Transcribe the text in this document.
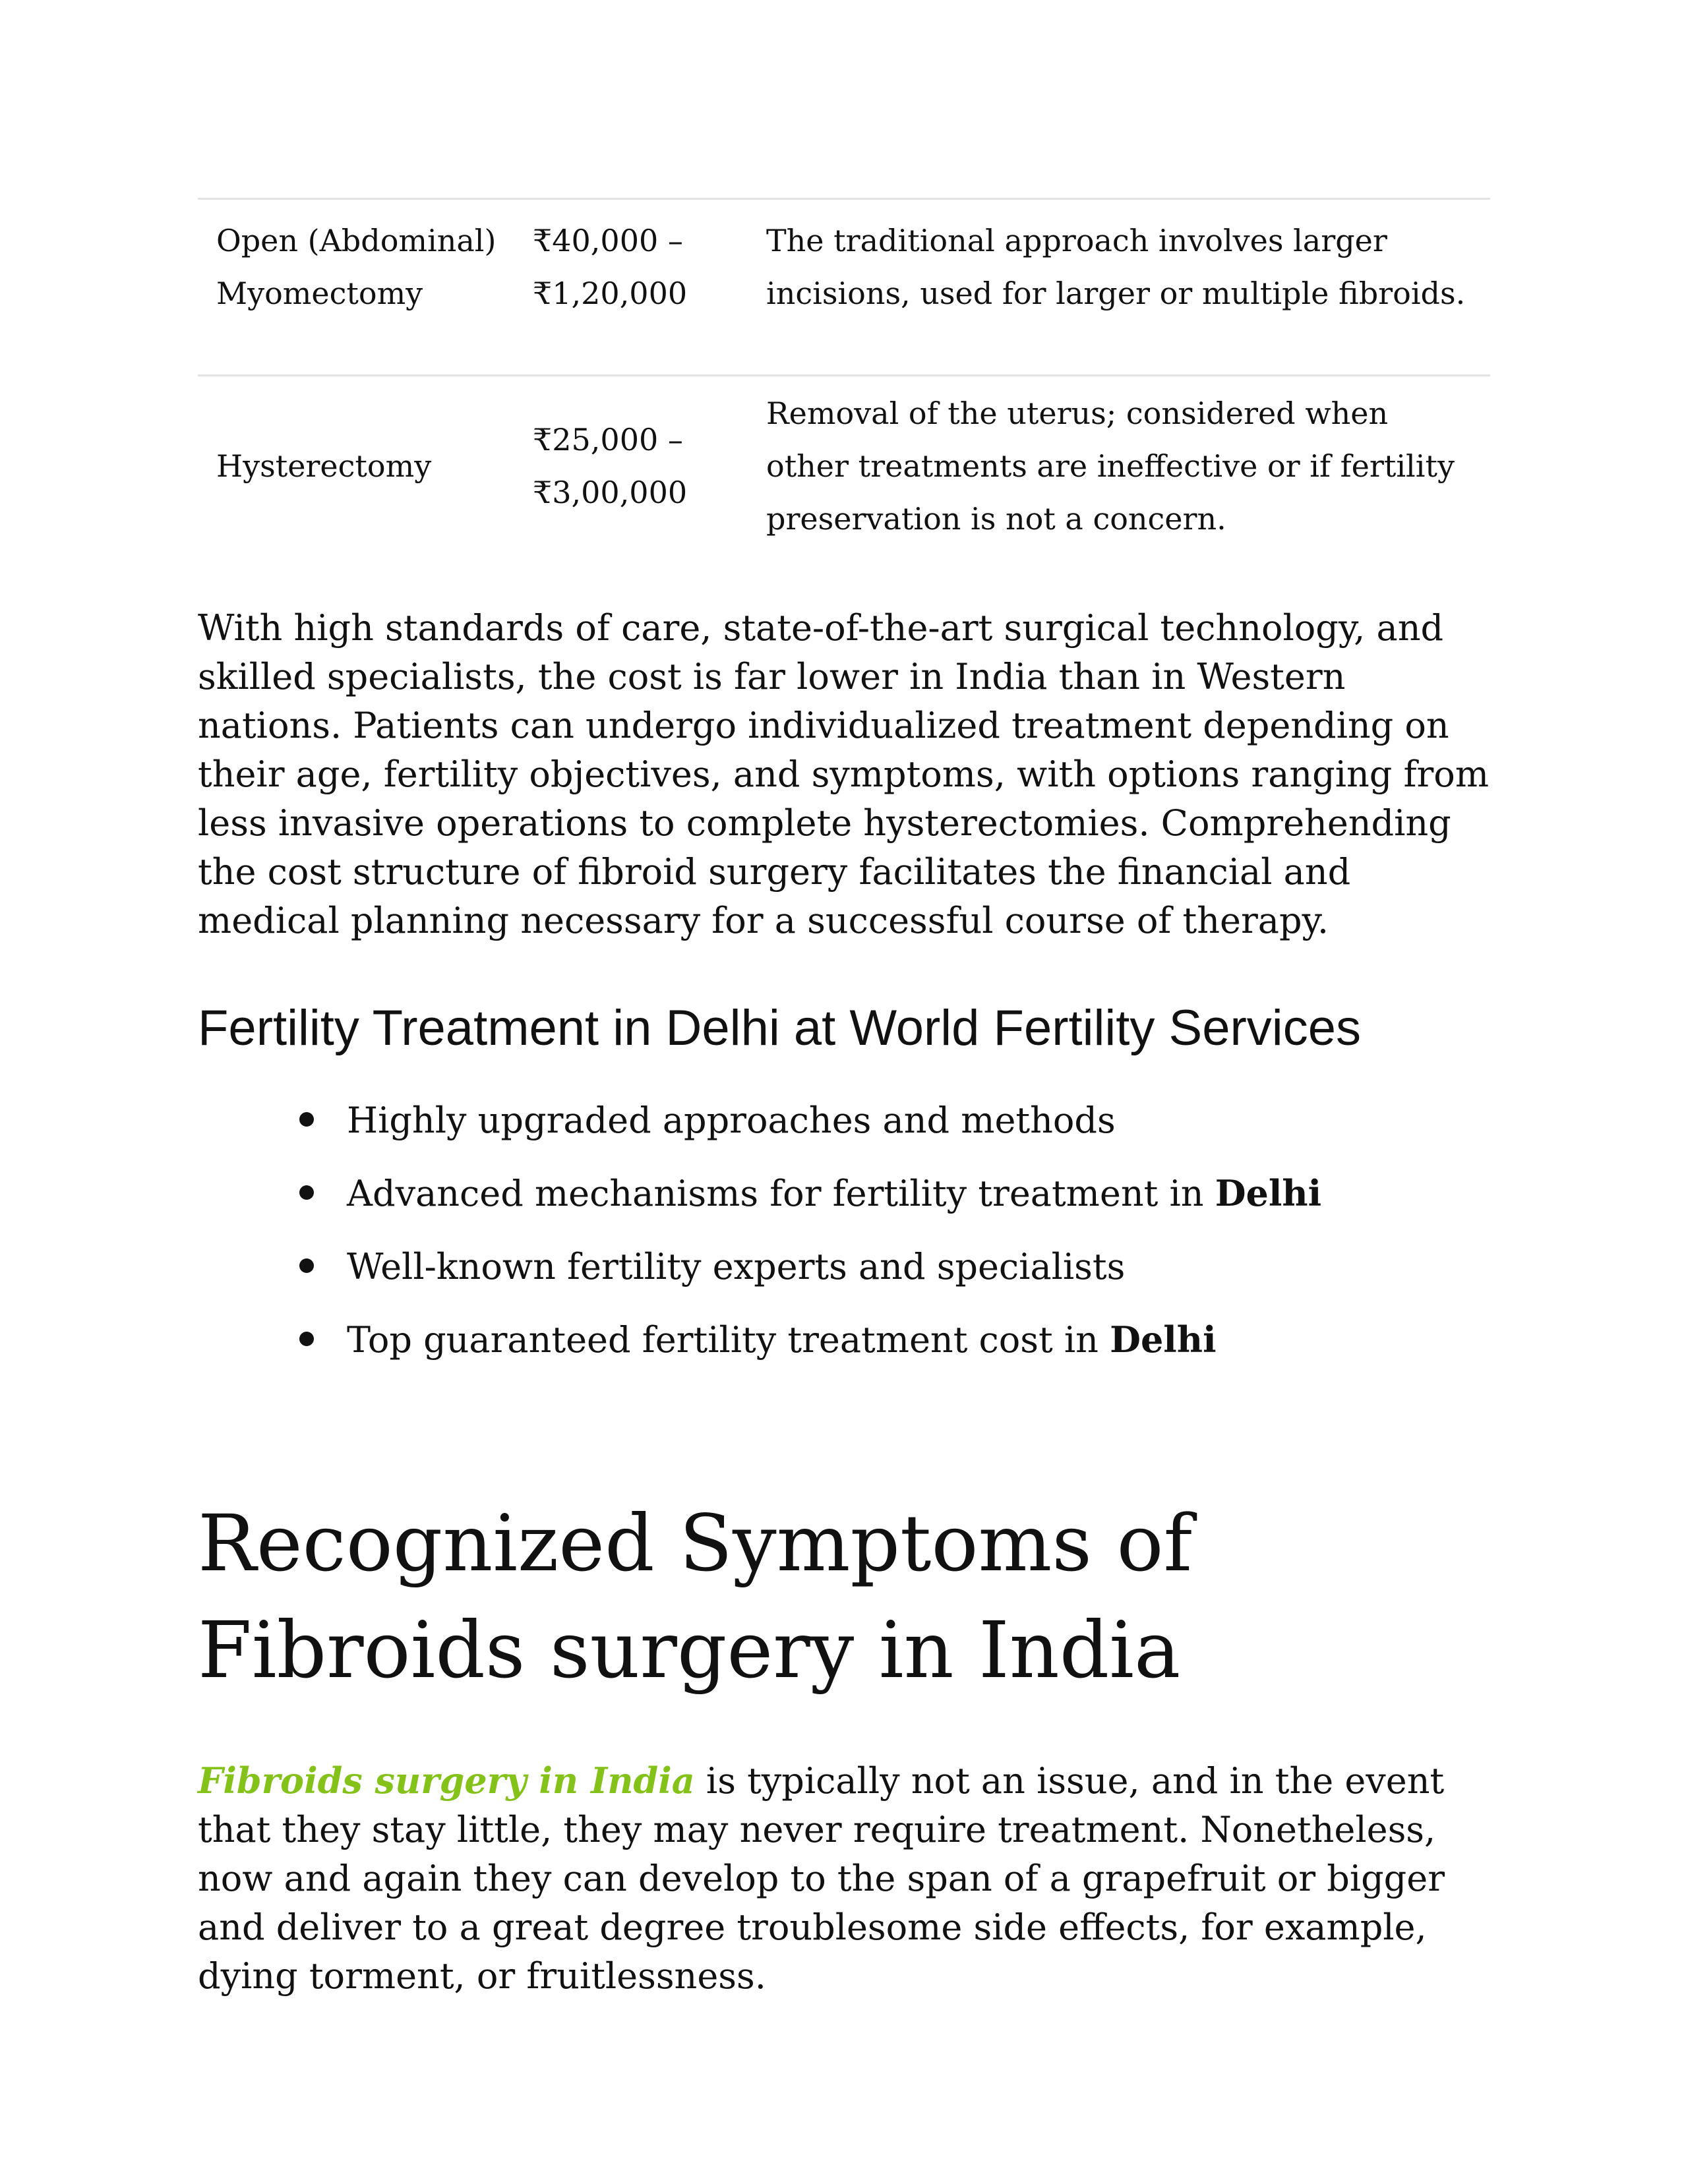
Open (Abdominal) Myomectomy
₹40,000 – ₹1,20,000
The traditional approach involves larger incisions, used for larger or multiple fibroids.
Hysterectomy
₹25,000 – ₹3,00,000
Removal of the uterus; considered when other treatments are ineffective or if fertility preservation is not a concern.

With high standards of care, state-of-the-art surgical technology, and skilled specialists, the cost is far lower in India than in Western nations. Patients can undergo individualized treatment depending on their age, fertility objectives, and symptoms, with options ranging from less invasive operations to complete hysterectomies. Comprehending the cost structure of fibroid surgery facilitates the financial and medical planning necessary for a successful course of therapy.

Fertility Treatment in Delhi at World Fertility Services
Highly upgraded approaches and methods
Advanced mechanisms for fertility treatment in Delhi
Well-known fertility experts and specialists
Top guaranteed fertility treatment cost in Delhi
Recognized Symptoms of Fibroids surgery in India

Fibroids surgery in India is typically not an issue, and in the event that they stay little, they may never require treatment. Nonetheless, now and again they can develop to the span of a grapefruit or bigger and deliver to a great degree troublesome side effects, for example, dying torment, or fruitlessness.
